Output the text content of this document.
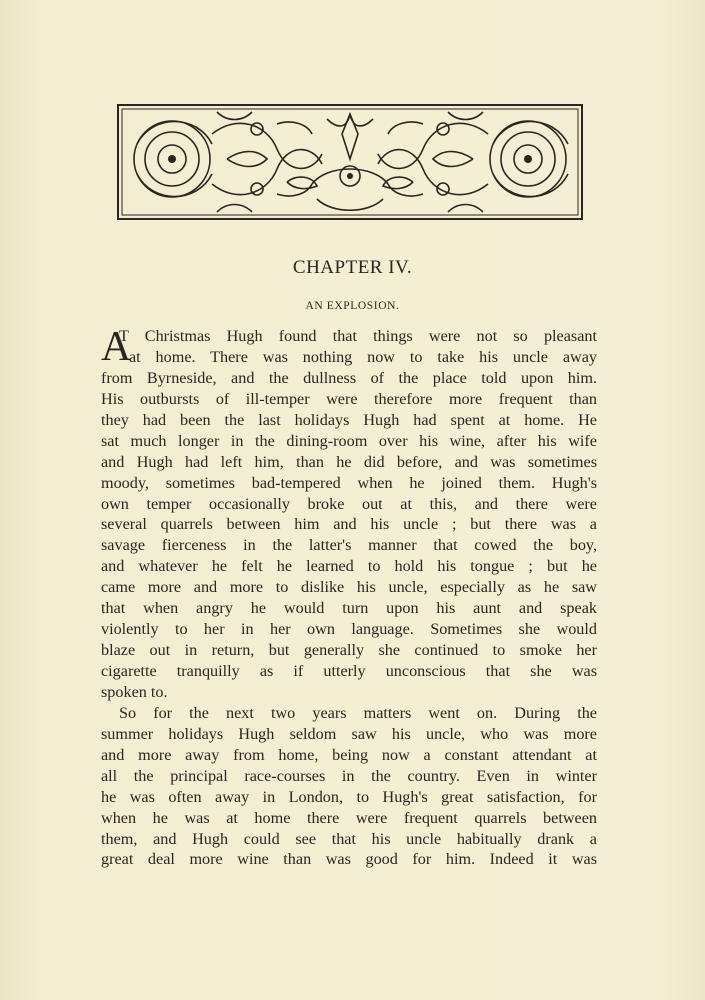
CHAPTER IV.
AN EXPLOSION.
A
T Christmas Hugh found that things were not so pleasant
at home. There was nothing now to take his uncle away
from Byrneside, and the dullness of the place told upon him.
His outbursts of ill-temper were therefore more frequent than
they had been the last holidays Hugh had spent at home. He
sat much longer in the dining-room over his wine, after his wife
and Hugh had left him, than he did before, and was sometimes
moody, sometimes bad-tempered when he joined them. Hugh's
own temper occasionally broke out at this, and there were
several quarrels between him and his uncle ; but there was a
savage fierceness in the latter's manner that cowed the boy,
and whatever he felt he learned to hold his tongue ; but he
came more and more to dislike his uncle, especially as he saw
that when angry he would turn upon his aunt and speak
violently to her in her own language. Sometimes she would
blaze out in return, but generally she continued to smoke her
cigarette tranquilly as if utterly unconscious that she was
spoken to.
So for the next two years matters went on. During the
summer holidays Hugh seldom saw his uncle, who was more
and more away from home, being now a constant attendant at
all the principal race-courses in the country. Even in winter
he was often away in London, to Hugh's great satisfaction, for
when he was at home there were frequent quarrels between
them, and Hugh could see that his uncle habitually drank a
great deal more wine than was good for him. Indeed it was
